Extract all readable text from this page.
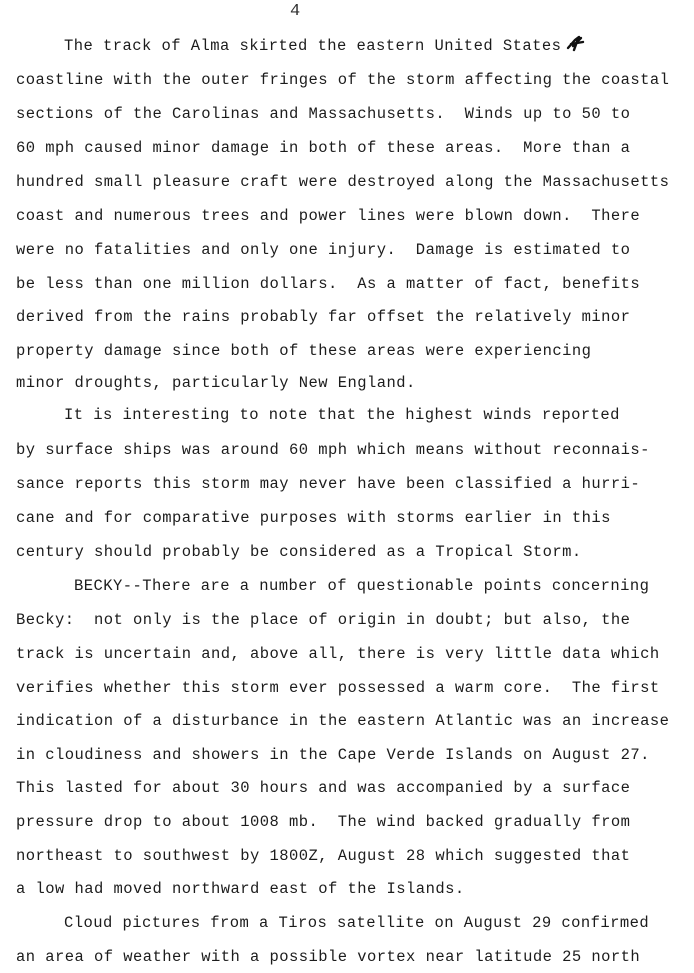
4
The track of Alma skirted the eastern United States
coastline with the outer fringes of the storm affecting the coastal
sections of the Carolinas and Massachusetts.  Winds up to 50 to
60 mph caused minor damage in both of these areas.  More than a
hundred small pleasure craft were destroyed along the Massachusetts
coast and numerous trees and power lines were blown down.  There
were no fatalities and only one injury.  Damage is estimated to
be less than one million dollars.  As a matter of fact, benefits
derived from the rains probably far offset the relatively minor
property damage since both of these areas were experiencing
minor droughts, particularly New England.
It is interesting to note that the highest winds reported
by surface ships was around 60 mph which means without reconnais-
sance reports this storm may never have been classified a hurri-
cane and for comparative purposes with storms earlier in this
century should probably be considered as a Tropical Storm.
BECKY--There are a number of questionable points concerning
Becky:  not only is the place of origin in doubt; but also, the
track is uncertain and, above all, there is very little data which
verifies whether this storm ever possessed a warm core.  The first
indication of a disturbance in the eastern Atlantic was an increase
in cloudiness and showers in the Cape Verde Islands on August 27.
This lasted for about 30 hours and was accompanied by a surface
pressure drop to about 1008 mb.  The wind backed gradually from
northeast to southwest by 1800Z, August 28 which suggested that
a low had moved northward east of the Islands.
Cloud pictures from a Tiros satellite on August 29 confirmed
an area of weather with a possible vortex near latitude 25 north
